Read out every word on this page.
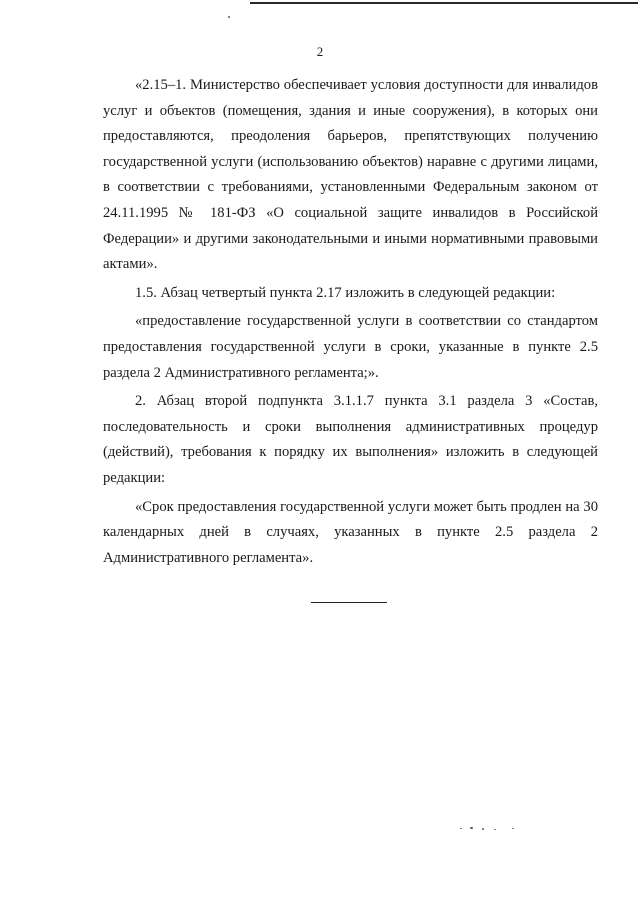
2

«2.15–1. Министерство обеспечивает условия доступности для инвалидов услуг и объектов (помещения, здания и иные сооружения), в которых они предоставляются, преодоления барьеров, препятствующих получению государственной услуги (использованию объектов) наравне с другими лицами, в соответствии с требованиями, установленными Федеральным законом от 24.11.1995 № 181-ФЗ «О социальной защите инвалидов в Российской Федерации» и другими законодательными и иными нормативными правовыми актами».

1.5. Абзац четвертый пункта 2.17 изложить в следующей редакции:

«предоставление государственной услуги в соответствии со стандартом предоставления государственной услуги в сроки, указанные в пункте 2.5 раздела 2 Административного регламента;».

2. Абзац второй подпункта 3.1.1.7 пункта 3.1 раздела 3 «Состав, последовательность и сроки выполнения административных процедур (действий), требования к порядку их выполнения» изложить в следующей редакции:

«Срок предоставления государственной услуги может быть продлен на 30 календарных дней в случаях, указанных в пункте 2.5 раздела 2 Административного регламента».
